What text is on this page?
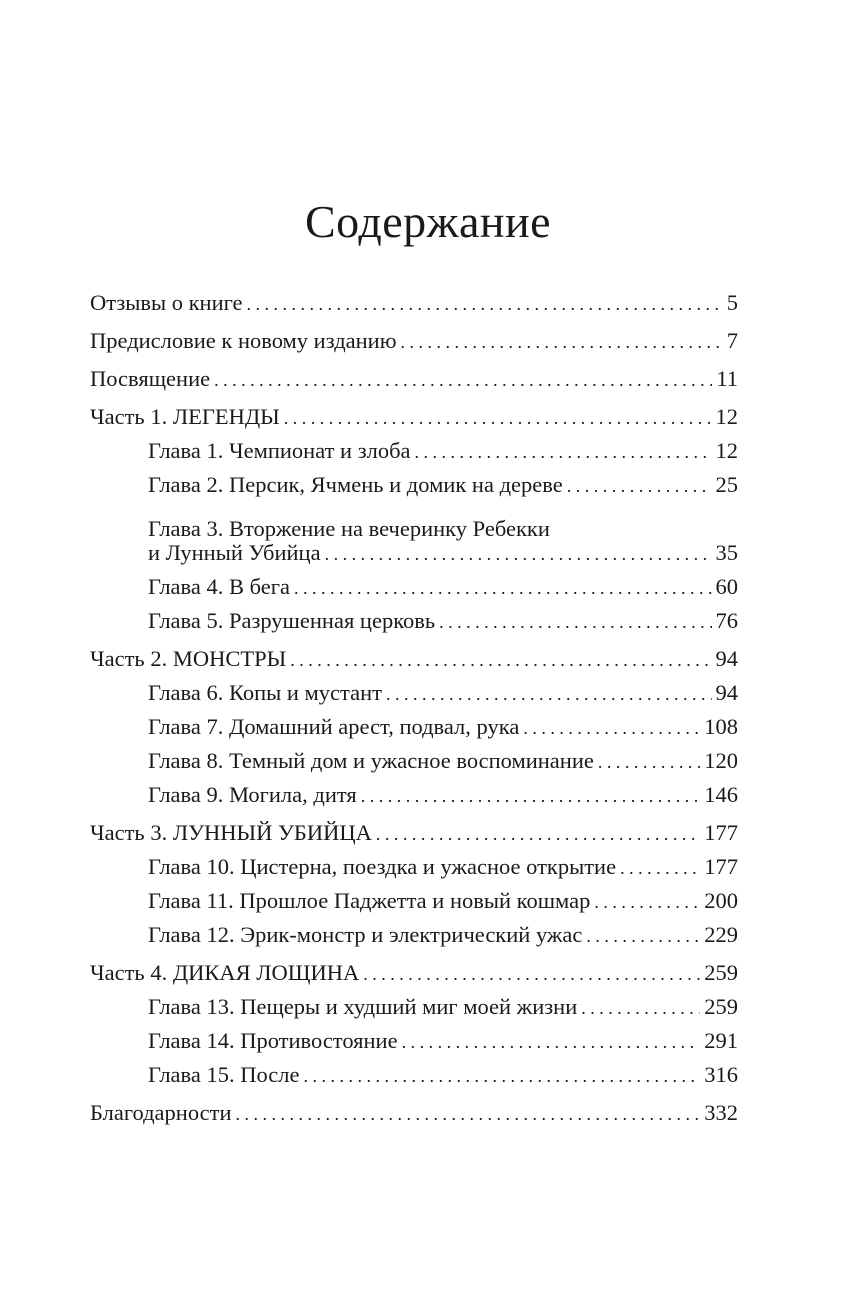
Содержание
Отзывы о книге . . .	5
Предисловие к новому изданию . . .	7
Посвящение . . .	11
Часть 1. ЛЕГЕНДЫ . . .	12
Глава 1. Чемпионат и злоба . . .	12
Глава 2. Персик, Ячмень и домик на дереве . . .	25
Глава 3. Вторжение на вечеринку Ребекки
и Лунный Убийца . . .	35
Глава 4. В бега . . .	60
Глава 5. Разрушенная церковь . . .	76
Часть 2. МОНСТРЫ . . .	94
Глава 6. Копы и мустант . . .	94
Глава 7. Домашний арест, подвал, рука . . .	108
Глава 8. Темный дом и ужасное воспоминание . . .	120
Глава 9. Могила, дитя . . .	146
Часть 3. ЛУННЫЙ УБИЙЦА . . .	177
Глава 10. Цистерна, поездка и ужасное открытие . . .	177
Глава 11. Прошлое Паджетта и новый кошмар . . .	200
Глава 12. Эрик-монстр и электрический ужас . . .	229
Часть 4. ДИКАЯ ЛОЩИНА . . .	259
Глава 13. Пещеры и худший миг моей жизни . . .	259
Глава 14. Противостояние . . .	291
Глава 15. После . . .	316
Благодарности . . .	332
